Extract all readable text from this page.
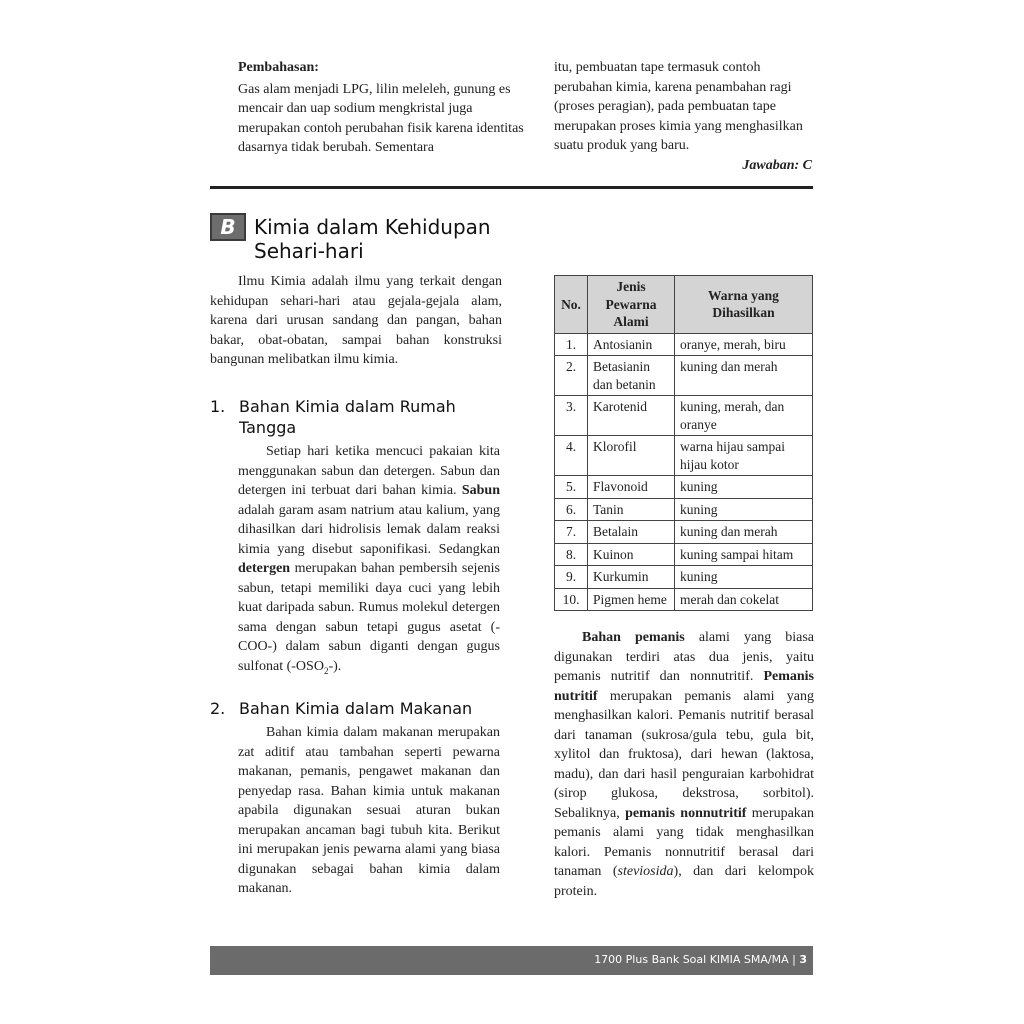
Pembahasan:
Gas alam menjadi LPG, lilin meleleh, gunung es mencair dan uap sodium mengkristal juga merupakan contoh perubahan fisik karena identitas dasarnya tidak berubah. Sementara
itu, pembuatan tape termasuk contoh perubahan kimia, karena penambahan ragi (proses peragian), pada pembuatan tape merupakan proses kimia yang menghasilkan suatu produk yang baru.
Jawaban: C
B Kimia dalam Kehidupan Sehari-hari
Ilmu Kimia adalah ilmu yang terkait dengan kehidupan sehari-hari atau gejala-gejala alam, karena dari urusan sandang dan pangan, bahan bakar, obat-obatan, sampai bahan konstruksi bangunan melibatkan ilmu kimia.
1. Bahan Kimia dalam Rumah Tangga
Setiap hari ketika mencuci pakaian kita menggunakan sabun dan detergen. Sabun dan detergen ini terbuat dari bahan kimia. Sabun adalah garam asam natrium atau kalium, yang dihasilkan dari hidrolisis lemak dalam reaksi kimia yang disebut saponifikasi. Sedangkan detergen merupakan bahan pembersih sejenis sabun, tetapi memiliki daya cuci yang lebih kuat daripada sabun. Rumus molekul detergen sama dengan sabun tetapi gugus asetat (-COO-) dalam sabun diganti dengan gugus sulfonat $(-OSO_2-)$.
2. Bahan Kimia dalam Makanan
Bahan kimia dalam makanan merupakan zat aditif atau tambahan seperti pewarna makanan, pemanis, pengawet makanan dan penyedap rasa. Bahan kimia untuk makanan apabila digunakan sesuai aturan bukan merupakan ancaman bagi tubuh kita. Berikut ini merupakan jenis pewarna alami yang biasa digunakan sebagai bahan kimia dalam makanan.
No.	Jenis Pewarna Alami	Warna yang Dihasilkan
1.	Antosianin	oranye, merah, biru
2.	Betasianin dan betanin	kuning dan merah
3.	Karotenid	kuning, merah, dan oranye
4.	Klorofil	warna hijau sampai hijau kotor
5.	Flavonoid	kuning
6.	Tanin	kuning
7.	Betalain	kuning dan merah
8.	Kuinon	kuning sampai hitam
9.	Kurkumin	kuning
10.	Pigmen heme	merah dan cokelat
Bahan pemanis alami yang biasa digunakan terdiri atas dua jenis, yaitu pemanis nutritif dan nonnutritif. Pemanis nutritif merupakan pemanis alami yang menghasilkan kalori. Pemanis nutritif berasal dari tanaman (sukrosa/gula tebu, gula bit, xylitol dan fruktosa), dari hewan (laktosa, madu), dan dari hasil penguraian karbohidrat (sirop glukosa, dekstrosa, sorbitol). Sebaliknya, pemanis nonnutritif merupakan pemanis alami yang tidak menghasilkan kalori. Pemanis nonnutritif berasal dari tanaman (steviosida), dan dari kelompok protein.
1700 Plus Bank Soal KIMIA SMA/MA | 3
